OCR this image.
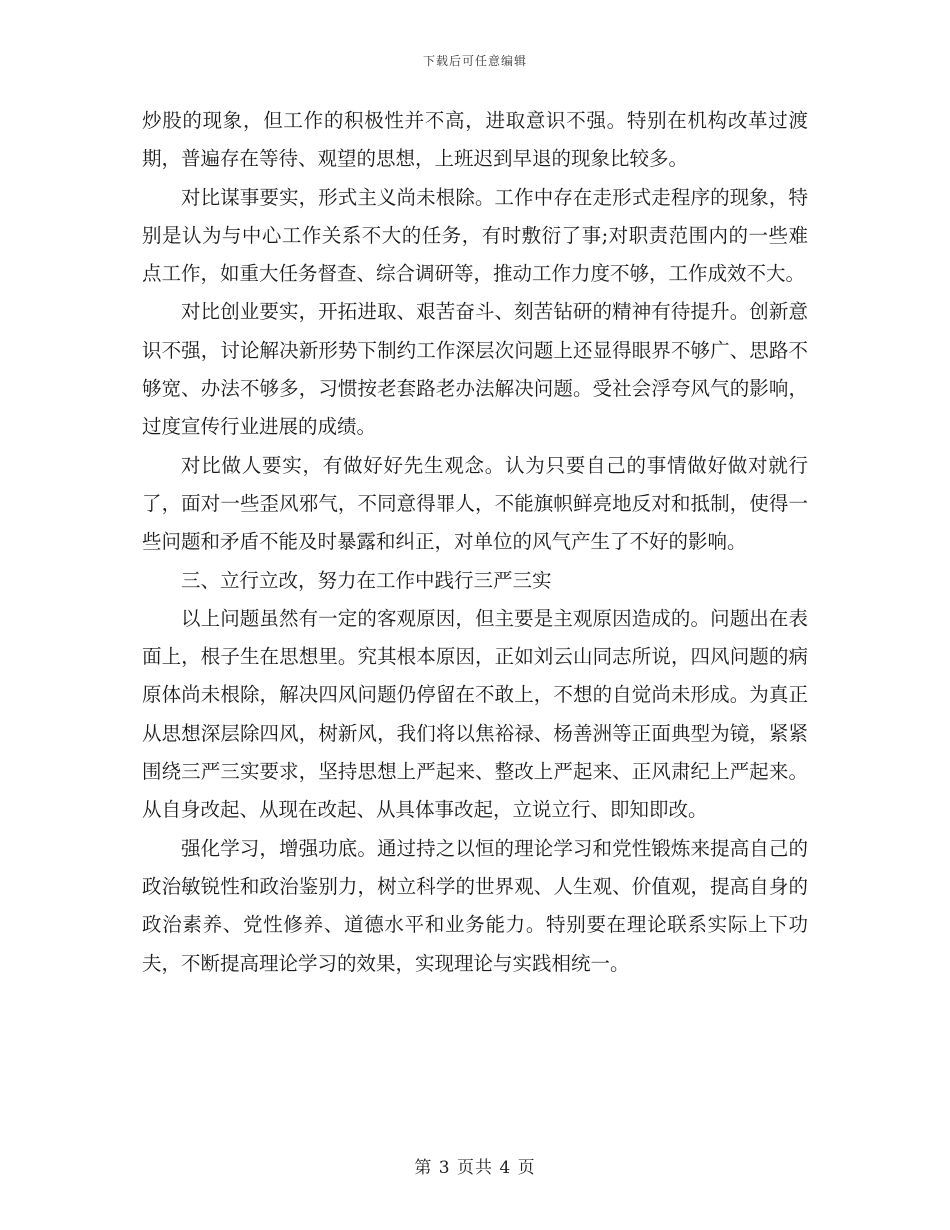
下载后可任意编辑

炒股的现象，但工作的积极性并不高，进取意识不强。特别在机构改革过渡期，普遍存在等待、观望的思想，上班迟到早退的现象比较多。

对比谋事要实，形式主义尚未根除。工作中存在走形式走程序的现象，特别是认为与中心工作关系不大的任务，有时敷衍了事;对职责范围内的一些难点工作，如重大任务督查、综合调研等，推动工作力度不够，工作成效不大。

对比创业要实，开拓进取、艰苦奋斗、刻苦钻研的精神有待提升。创新意识不强，讨论解决新形势下制约工作深层次问题上还显得眼界不够广、思路不够宽、办法不够多，习惯按老套路老办法解决问题。受社会浮夸风气的影响，过度宣传行业进展的成绩。

对比做人要实，有做好好先生观念。认为只要自己的事情做好做对就行了，面对一些歪风邪气，不同意得罪人，不能旗帜鲜亮地反对和抵制，使得一些问题和矛盾不能及时暴露和纠正，对单位的风气产生了不好的影响。

三、立行立改，努力在工作中践行三严三实

以上问题虽然有一定的客观原因，但主要是主观原因造成的。问题出在表面上，根子生在思想里。究其根本原因，正如刘云山同志所说，四风问题的病原体尚未根除，解决四风问题仍停留在不敢上，不想的自觉尚未形成。为真正从思想深层除四风，树新风，我们将以焦裕禄、杨善洲等正面典型为镜，紧紧围绕三严三实要求，坚持思想上严起来、整改上严起来、正风肃纪上严起来。从自身改起、从现在改起、从具体事改起，立说立行、即知即改。

强化学习，增强功底。通过持之以恒的理论学习和党性锻炼来提高自己的政治敏锐性和政治鉴别力，树立科学的世界观、人生观、价值观，提高自身的政治素养、党性修养、道德水平和业务能力。特别要在理论联系实际上下功夫，不断提高理论学习的效果，实现理论与实践相统一。

第 3 页共 4 页
